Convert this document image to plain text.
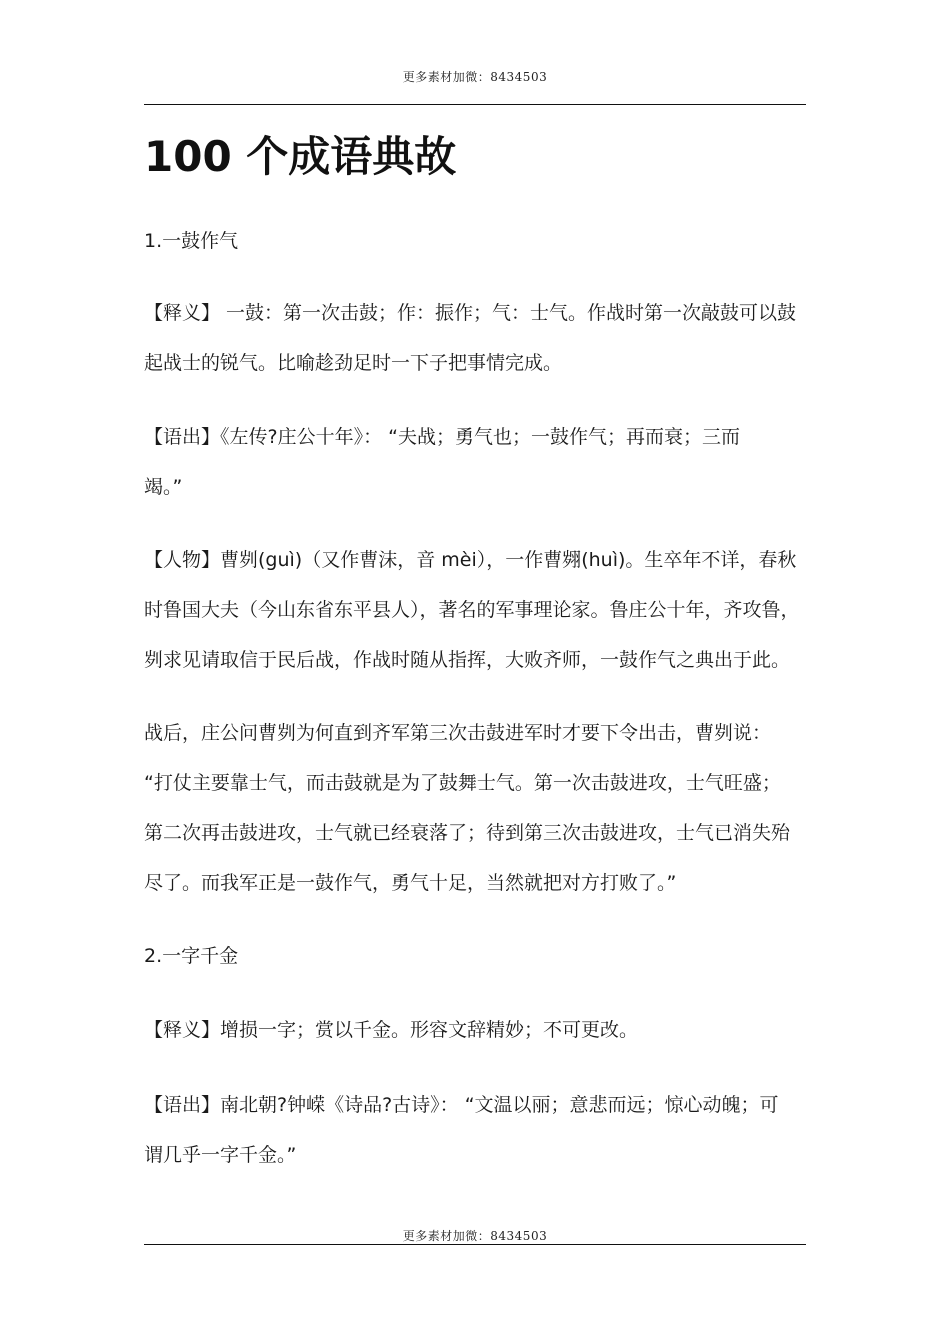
更多素材加微：8434503
100 个成语典故
1.一鼓作气
【释义】 一鼓：第一次击鼓；作：振作；气：士气。作战时第一次敲鼓可以鼓
起战士的锐气。比喻趁劲足时一下子把事情完成。
【语出】《左传?庄公十年》： “夫战；勇气也；一鼓作气；再而衰；三而
竭。”
【人物】曹刿(guì)（又作曹沫，音 mèi），一作曹翙(huì)。生卒年不详，春秋
时鲁国大夫（今山东省东平县人），著名的军事理论家。鲁庄公十年，齐攻鲁，
刿求见请取信于民后战，作战时随从指挥，大败齐师，一鼓作气之典出于此。
战后，庄公问曹刿为何直到齐军第三次击鼓进军时才要下令出击，曹刿说：
“打仗主要靠士气，而击鼓就是为了鼓舞士气。第一次击鼓进攻，士气旺盛；
第二次再击鼓进攻，士气就已经衰落了；待到第三次击鼓进攻，士气已消失殆
尽了。而我军正是一鼓作气，勇气十足，当然就把对方打败了。”
2.一字千金
【释义】增损一字；赏以千金。形容文辞精妙；不可更改。
【语出】南北朝?钟嵘《诗品?古诗》： “文温以丽；意悲而远；惊心动魄；可
谓几乎一字千金。”
更多素材加微：8434503
